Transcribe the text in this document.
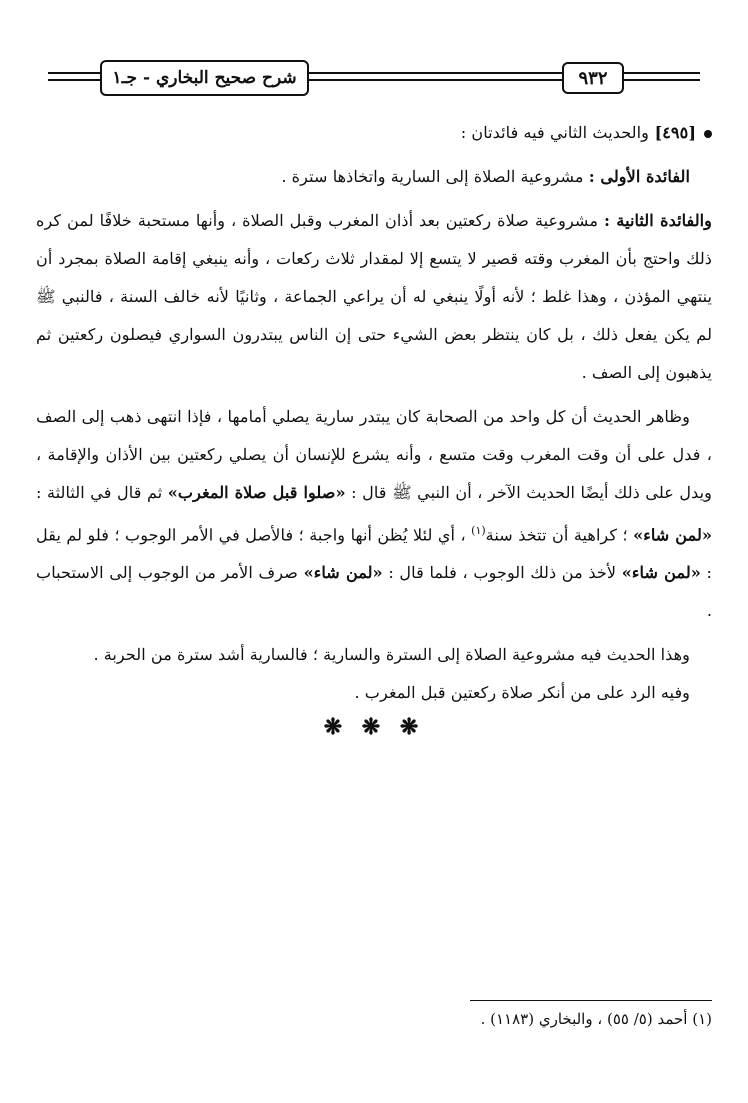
شرح صحيح البخاري - جـ١	٩٣٢

[٤٩٥] والحديث الثاني فيه فائدتان :

الفائدة الأولى : مشروعية الصلاة إلى السارية واتخاذها سترة .

والفائدة الثانية : مشروعية صلاة ركعتين بعد أذان المغرب وقبل الصلاة ، وأنها مستحبة خلافًا لمن كره ذلك واحتج بأن المغرب وقته قصير لا يتسع إلا لمقدار ثلاث ركعات ، وأنه ينبغي إقامة الصلاة بمجرد أن ينتهي المؤذن ، وهذا غلط ؛ لأنه أولًا ينبغي له أن يراعي الجماعة ، وثانيًا لأنه خالف السنة ، فالنبي ﷺ لم يكن يفعل ذلك ، بل كان ينتظر بعض الشيء حتى إن الناس يبتدرون السواري فيصلون ركعتين ثم يذهبون إلى الصف .

وظاهر الحديث أن كل واحد من الصحابة كان يبتدر سارية يصلي أمامها ، فإذا انتهى ذهب إلى الصف ، فدل على أن وقت المغرب وقت متسع ، وأنه يشرع للإنسان أن يصلي ركعتين بين الأذان والإقامة ، ويدل على ذلك أيضًا الحديث الآخر ، أن النبي ﷺ قال : «صلوا قبل صلاة المغرب» ثم قال في الثالثة : «لمن شاء» ؛ كراهية أن تتخذ سنة$^{(١)}$ ، أي لئلا يُظن أنها واجبة ؛ فالأصل في الأمر الوجوب ؛ فلو لم يقل : «لمن شاء» لأخذ من ذلك الوجوب ، فلما قال : «لمن شاء» صرف الأمر من الوجوب إلى الاستحباب .

وهذا الحديث فيه مشروعية الصلاة إلى السترة والسارية ؛ فالسارية أشد سترة من الحربة .

وفيه الرد على من أنكر صلاة ركعتين قبل المغرب .

❋ ❋ ❋
(١) أحمد (٥/ ٥٥) ، والبخاري (١١٨٣) .
